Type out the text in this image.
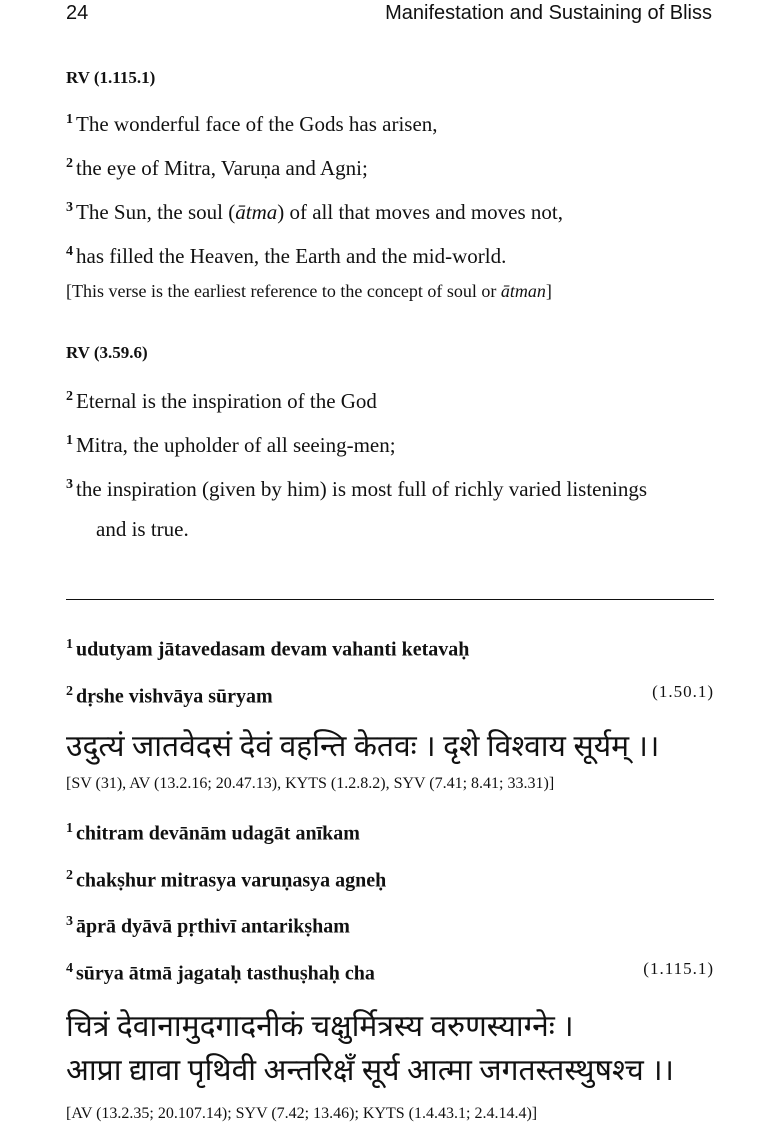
24	Manifestation and Sustaining of Bliss
RV (1.115.1)
$^1$ The wonderful face of the Gods has arisen,
$^2$ the eye of Mitra, Varuṇa and Agni;
$^3$ The Sun, the soul (ātma) of all that moves and moves not,
$^4$ has filled the Heaven, the Earth and the mid-world.
[This verse is the earliest reference to the concept of soul or ātman]
RV (3.59.6)
$^2$ Eternal is the inspiration of the God
$^1$ Mitra, the upholder of all seeing-men;
$^3$ the inspiration (given by him) is most full of richly varied listenings
and is true.
$^1$ udutyam jātavedasam devam vahanti ketavaḥ
$^2$ dṛshe vishvāya sūryam	(1.50.1)
उदुत्यं जातवेदसं देवं वहन्ति केतवः । दृशे विश्वाय सूर्यम् ।।
[SV (31), AV (13.2.16; 20.47.13), KYTS (1.2.8.2), SYV (7.41; 8.41; 33.31)]
$^1$ chitram devānām udagāt anīkam
$^2$ chakṣhur mitrasya varuṇasya agneḥ
$^3$ āprā dyāvā pṛthivī antarikṣham
$^4$ sūrya ātmā jagataḥ tasthuṣhaḥ cha	(1.115.1)
चित्रं देवानामुदगादनीकं चक्षुर्मित्रस्य वरुणस्याग्नेः ।
आप्रा द्यावा पृथिवी अन्तरिक्षँ सूर्य आत्मा जगतस्तस्थुषश्च ।।
[AV (13.2.35; 20.107.14); SYV (7.42; 13.46); KYTS (1.4.43.1; 2.4.14.4)]
